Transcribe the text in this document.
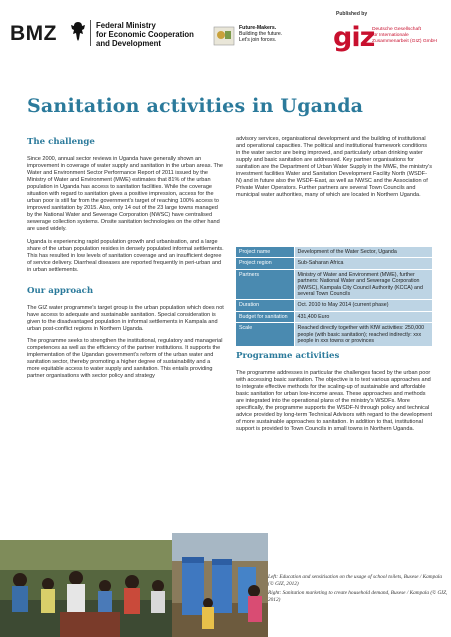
BMZ	Federal Ministry
for Economic Cooperation
and Development
Future-Makers.
Building the future.
Let's join forces.
Published by
giz
Deutsche Gesellschaft
für Internationale
Zusammenarbeit (GIZ) GmbH
Sanitation activities in Uganda
The challenge

Since 2000, annual sector reviews in Uganda have generally shown an improvement in coverage of water supply and sanitation in the urban areas. The Water and Environment Sector Performance Report of 2011 issued by the Ministry of Water and Environment (MWE) estimates that 81% of the urban population in Uganda has access to sanitation facilities. While the coverage situation with regard to sanitation gives a positive impression, access for the urban poor is still far from the government's target of reaching 100% access to improved sanitation by 2015. Also, only 14 out of the 23 large towns managed by the National Water and Sewerage Corporation (NWSC) have centralised sewerage collection systems. Onsite sanitation technologies on the other hand are used widely.

Uganda is experiencing rapid population growth and urbanisation, and a large share of the urban population resides in densely populated informal settlements. This has resulted in low levels of sanitation coverage and an insufficient degree of service delivery. Diarrheal diseases are reported frequently in peri-urban and in urban settlements.

Our approach

The GIZ water programme's target group is the urban population which does not have access to adequate and sustainable sanitation. Special consideration is given to the disadvantaged population in informal settlements in Kampala and urban post-conflict regions in Northern Uganda.

The programme seeks to strengthen the institutional, regulatory and managerial competences as well as the efficiency of the partner institutions. It supports the implementation of the Ugandan government's reform of the urban water and sanitation sector, thereby promoting a higher degree of sustainability and a more equitable access to water supply and sanitation. This entails providing partner organisations with sector policy and strategy

advisory services, organisational development and the building of institutional and operational capacities. The political and institutional framework conditions in the water sector are being improved, and particularly urban drinking water supply and basic sanitation are addressed. Key partner organisations for sanitation are the Department of Urban Water Supply in the MWE, the ministry's investment facilities Water and Sanitation Development Facility North (WSDF-N) and in future also the WSDF-East, as well as NWSC and the Association of Private Water Operators. Further partners are several Town Councils and municipal water authorities, many of which are located in Northern Uganda.

Project name	Development of the Water Sector, Uganda
Project region	Sub-Saharan Africa
Partners	Ministry of Water and Environment (MWE), further partners: National Water and Sewerage Corporation (NWSC), Kampala City Council Authority (KCCA) and several Town Councils
Duration	Oct. 2010 to May 2014 (current phase)
Budget for sanitation	431,400 Euro
Scale	Reached directly together with KfW activities: 250,000 people (with basic sanitation); reached indirectly: xxx people in xxx towns or provinces
Programme activities

The programme addresses in particular the challenges faced by the urban poor with accessing basic sanitation. The objective is to test various approaches and to integrate effective methods for the scaling-up of sustainable and affordable basic sanitation for urban low-income areas. These approaches and methods are integrated into the operational plans of the ministry's WSDFs. More specifically, the programme supports the WSDF-N through policy and technical advice provided by long-term Technical Advisors with regard to the development of more sustainable approaches to sanitation. In addition to that, institutional support is provided to Town Councils in small towns in Northern Uganda.

Left: Education and sensitisation on the usage of school toilets, Busese / Kampala (© GIZ, 2012)
Right: Sanitation marketing to create household demand, Busese / Kampala (© GIZ, 2012)
